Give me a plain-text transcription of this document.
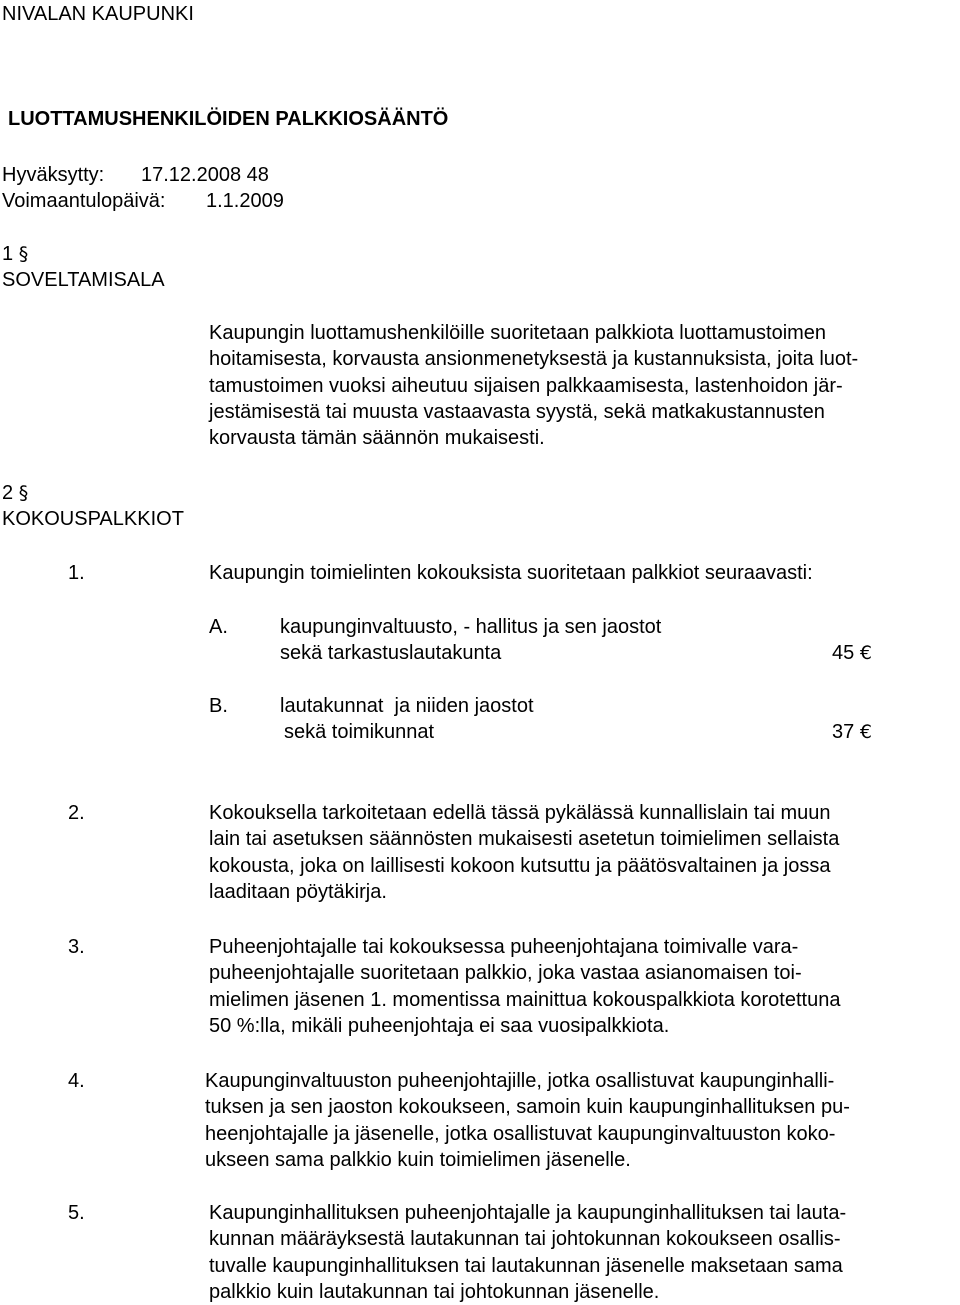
NIVALAN KAUPUNKI
LUOTTAMUSHENKILÖIDEN PALKKIOSÄÄNTÖ
Hyväksytty: 17.12.2008 48
Voimaantulopäivä: 1.1.2009
1 §
SOVELTAMISALA
Kaupungin luottamushenkilöille suoritetaan palkkiota luottamustoimen
hoitamisesta, korvausta ansionmenetyksestä ja kustannuksista, joita luot-
tamustoimen vuoksi aiheutuu sijaisen palkkaamisesta, lastenhoidon jär-
jestämisestä tai muusta vastaavasta syystä, sekä matkakustannusten
korvausta tämän säännön mukaisesti.
2 §
KOKOUSPALKKIOT
1.	Kaupungin toimielinten kokouksista suoritetaan palkkiot seuraavasti:
A.	kaupunginvaltuusto, - hallitus ja sen jaostot
sekä tarkastuslautakunta	45 €
B.	lautakunnat  ja niiden jaostot
sekä toimikunnat	37 €
2.	Kokouksella tarkoitetaan edellä tässä pykälässä kunnallislain tai muun
lain tai asetuksen säännösten mukaisesti asetetun toimielimen sellaista
kokousta, joka on laillisesti kokoon kutsuttu ja päätösvaltainen ja jossa
laaditaan pöytäkirja.
3.	Puheenjohtajalle tai kokouksessa puheenjohtajana toimivalle vara-
puheenjohtajalle suoritetaan palkkio, joka vastaa asianomaisen toi-
mielimen jäsenen 1. momentissa mainittua kokouspalkkiota korotettuna
50 %:lla, mikäli puheenjohtaja ei saa vuosipalkkiota.
4.	Kaupunginvaltuuston puheenjohtajille, jotka osallistuvat kaupunginhalli-
tuksen ja sen jaoston kokoukseen, samoin kuin kaupunginhallituksen pu-
heenjohtajalle ja jäsenelle, jotka osallistuvat kaupunginvaltuuston koko-
ukseen sama palkkio kuin toimielimen jäsenelle.
5.	Kaupunginhallituksen puheenjohtajalle ja kaupunginhallituksen tai lauta-
kunnan määräyksestä lautakunnan tai johtokunnan kokoukseen osallis-
tuvalle kaupunginhallituksen tai lautakunnan jäsenelle maksetaan sama
palkkio kuin lautakunnan tai johtokunnan jäsenelle.
